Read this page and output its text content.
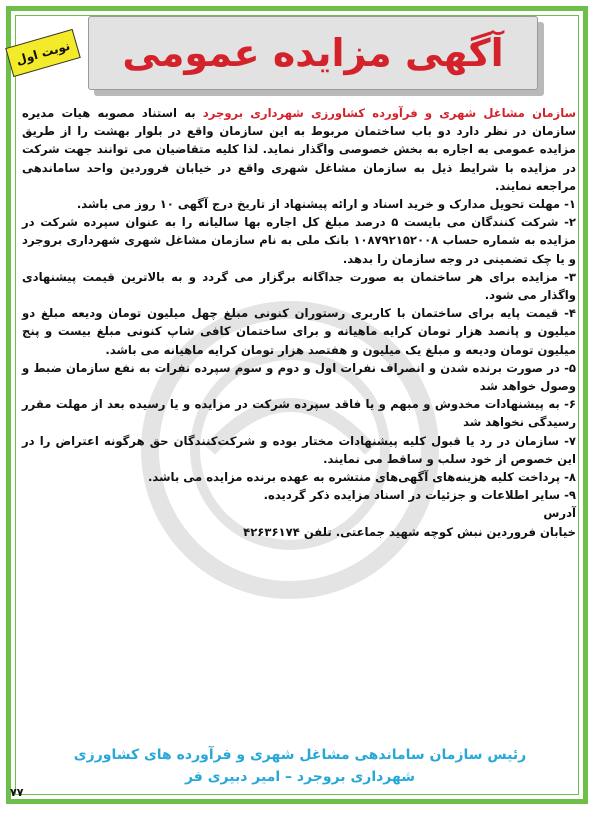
آگهی مزایده عمومی
نوبت اول

سازمان مشاغل شهری و فرآورده کشاورزی شهرداری بروجرد به استناد مصوبه هیات مدیره سازمان در نظر دارد دو باب ساختمان مربوط به این سازمان واقع در بلوار بهشت را از طریق مزایده عمومی به اجاره به بخش خصوصی واگذار نماید. لذا کلیه متقاضیان می توانند جهت شرکت در مزایده با شرایط ذیل به سازمان مشاغل شهری واقع در خیابان فروردین واحد ساماندهی مراجعه نمایند.

۱- مهلت تحویل مدارک و خرید اسناد و ارائه پیشنهاد از تاریخ درج آگهی ۱۰ روز می باشد.

۲- شرکت کنندگان می بایست ۵ درصد مبلغ کل اجاره بها سالیانه را به عنوان سپرده شرکت در مزایده به شماره حساب ۱۰۸۷۹۲۱۵۲۰۰۸ بانک ملی به نام سازمان مشاغل شهری شهرداری بروجرد و یا چک تضمینی در وجه سازمان را بدهد.

۳- مزایده برای هر ساختمان به صورت جداگانه برگزار می گردد و به بالاترین قیمت پیشنهادی واگذار می شود.

۴- قیمت پایه برای ساختمان با کاربری رستوران کنونی مبلغ چهل میلیون تومان ودیعه مبلغ دو میلیون و پانصد هزار تومان کرایه ماهیانه و برای ساختمان کافی شاپ کنونی مبلغ بیست و پنج میلیون تومان ودیعه و مبلغ یک میلیون و هفتصد هزار تومان کرایه ماهیانه می باشد.

۵- در صورت برنده شدن و انصراف نفرات اول و دوم و سوم سپرده نفرات به نفع سازمان ضبط و وصول خواهد شد

۶- به پیشنهادات مخدوش و مبهم و یا فاقد سپرده شرکت در مزایده و یا رسیده بعد از مهلت مقرر رسیدگی نخواهد شد

۷- سازمان در رد یا قبول کلیه پیشنهادات مختار بوده و شرکت‌کنندگان حق هرگونه اعتراض را در این خصوص از خود سلب و ساقط می نمایند.

۸- پرداخت کلیه هزینه‌های آگهی‌های منتشره به عهده برنده مزایده می باشد.

۹- سایر اطلاعات و جزئیات در اسناد مزایده ذکر گردیده.

آدرس

خیابان فروردین نبش کوچه شهید جماعتی. تلفن ۴۲۶۳۶۱۷۴

رئیس سازمان ساماندهی مشاغل شهری و فرآورده های کشاورزی
شهرداری بروجرد – امیر دبیری فر
۷۷
